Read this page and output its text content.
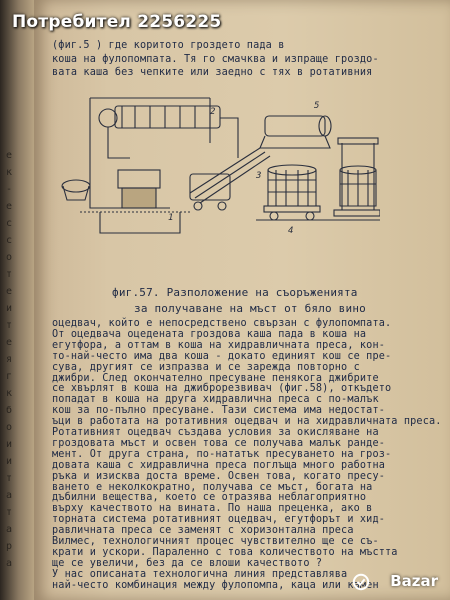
е
к
-
е
с
с
о
т
е
и
т
е
я
г
к
б
о
и
и
т
а
т
а
р
а
Потребител 2256225
(фиг.5 ) где коритото гроздето пада в
коша на фулопомпата. Тя го смачква и изпраще гроздо-
вата каша без чепките или заедно с тях в ротативния
1
2
3
4
5
фиг.57. Разположение на съоръженията
за получаване на мъст от бяло вино
оцедвач, който е непосредствено свързан с фулопомпата.
От оцедвача оцедената гроздова каша пада в коша на
егутфора, а оттам в коша на хидравличната преса, кон-
то-най-често има два коша - докато единият кош се пре-
сува, другият се изпразва и се зарежда повторно с
джибри. След окончателно пресуване пенякога джибрите
се хвърлят в коша на джиброрезвивач (фиг.58), откъдето
попадат в коша на друга хидравлична преса с по-малък
кош за по-пълно пресуване. Тази система има недостат-
ъци в работата на ротативния оцедвач и на хидравличната преса.
Ротативният оцедвач създава условия за окисляване на
гроздовата мъст и освен това се получава малък ранде-
мент. От друга страна, по-нататък пресуването на гроз-
довата каша с хидравлична преса поглъща много работна
ръка и изисква доста време. Освен това, когато пресу-
ването е неколкократно, получава се мъст, богата на
дъбилни вещества, което се отразява неблагоприятно
върху качеството на вината. По наша преценка, ако в
торната система ротативният оцедвач, егутфорът и хид-
равличната преса се заменят с хоризонтална преса
Вилмес, технологичният процес чувствително ще се съ-
крати и ускори. Параленно с това количеството на мъстта
ще се увеличи, без да се влоши качеството ?
У нас описаната технологична линия представлява
най-често комбинация между фулопомпа, каца или камен Bazar
